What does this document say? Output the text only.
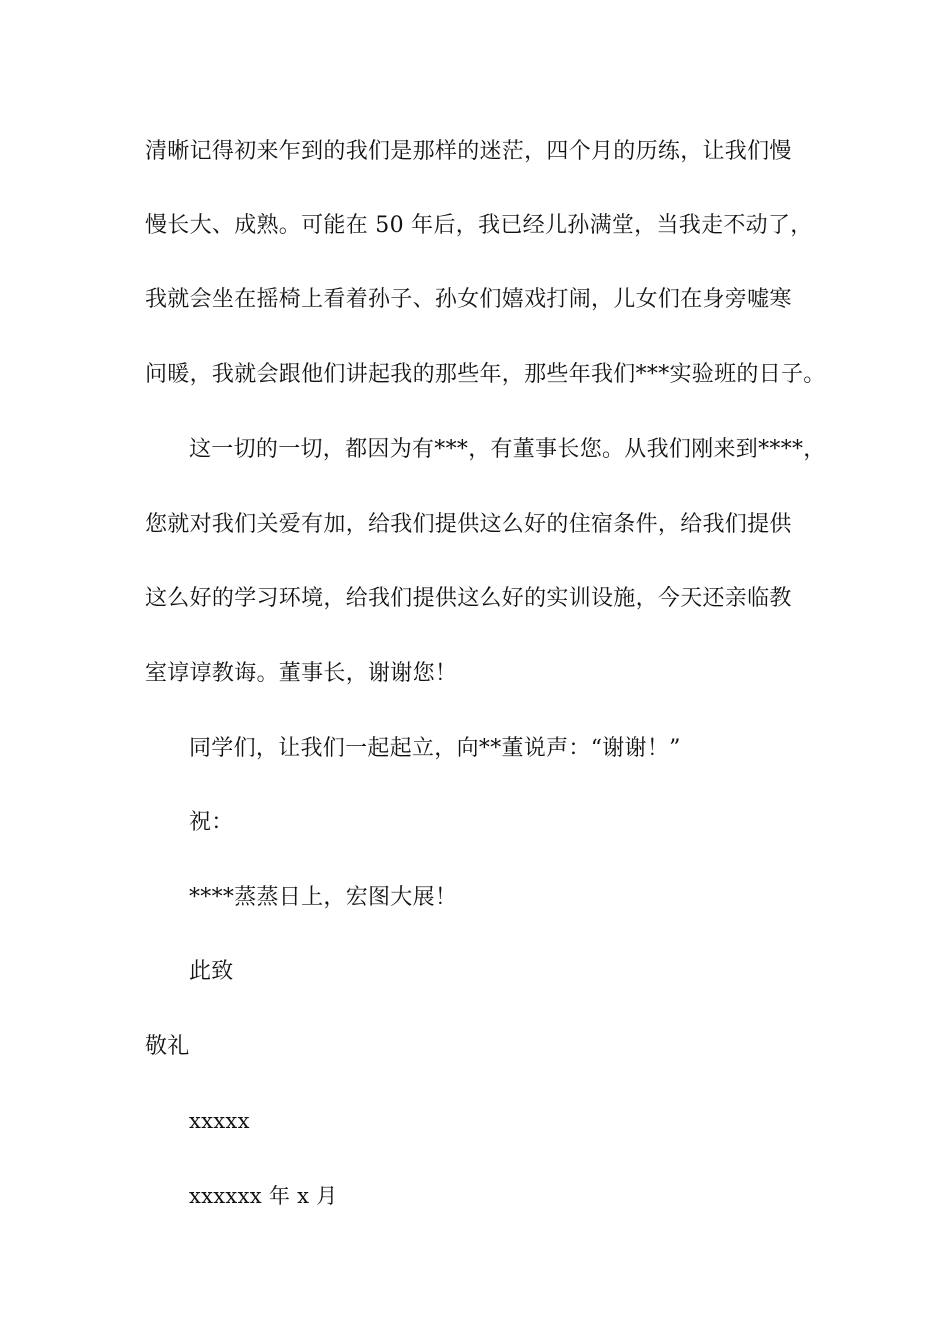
清晰记得初来乍到的我们是那样的迷茫，四个月的历练，让我们慢
慢长大、成熟。可能在 50 年后，我已经儿孙满堂，当我走不动了，
我就会坐在摇椅上看着孙子、孙女们嬉戏打闹，儿女们在身旁嘘寒
问暖，我就会跟他们讲起我的那些年，那些年我们***实验班的日子。
这一切的一切，都因为有***，有董事长您。从我们刚来到****，
您就对我们关爱有加，给我们提供这么好的住宿条件，给我们提供
这么好的学习环境，给我们提供这么好的实训设施，今天还亲临教
室谆谆教诲。董事长，谢谢您！
同学们，让我们一起起立，向**董说声：“谢谢！”
祝：
****蒸蒸日上，宏图大展！
此致
敬礼
xxxxx
xxxxxx 年 x 月
